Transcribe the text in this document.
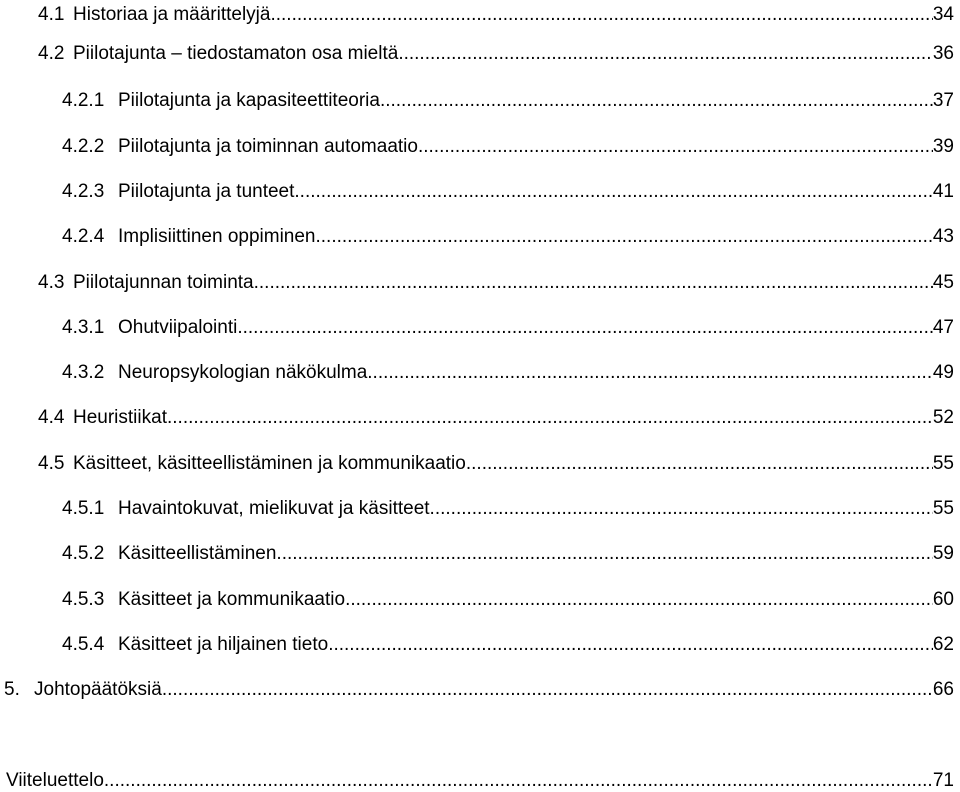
4.1 Historiaa ja määrittelyjä .....	34
4.2 Piilotajunta – tiedostamaton osa mieltä .....	36
4.2.1 Piilotajunta ja kapasiteettiteoria .....	37
4.2.2 Piilotajunta ja toiminnan automaatio .....	39
4.2.3 Piilotajunta ja tunteet .....	41
4.2.4 Implisiittinen oppiminen .....	43
4.3 Piilotajunnan toiminta .....	45
4.3.1 Ohutviipalointi .....	47
4.3.2 Neuropsykologian näkökulma .....	49
4.4 Heuristiikat .....	52
4.5 Käsitteet, käsitteellistäminen ja kommunikaatio .....	55
4.5.1 Havaintokuvat, mielikuvat ja käsitteet .....	55
4.5.2 Käsitteellistäminen .....	59
4.5.3 Käsitteet ja kommunikaatio .....	60
4.5.4 Käsitteet ja hiljainen tieto .....	62
5. Johtopäätöksiä .....	66
Viiteluettelo .....	71
